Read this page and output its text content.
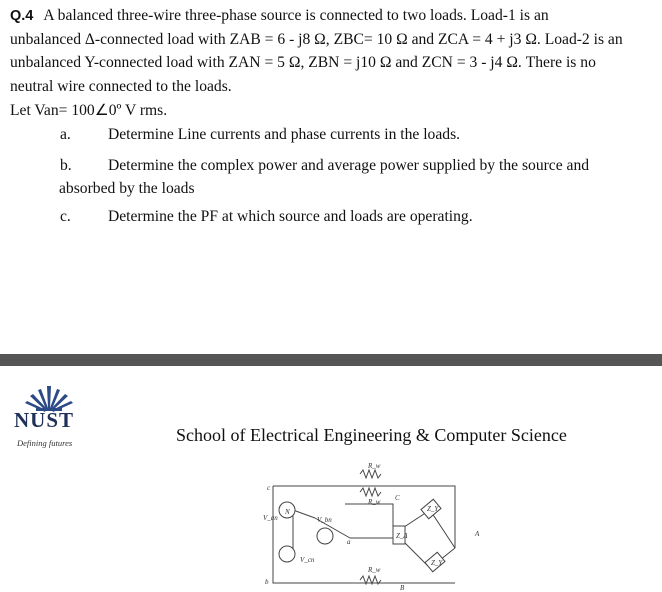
Q.4 A balanced three-wire three-phase source is connected to two loads. Load-1 is an
unbalanced Δ-connected load with ZAB = 6 - j8 Ω, ZBC= 10 Ω and ZCA = 4 + j3 Ω. Load-2 is an
unbalanced Y-connected load with ZAN = 5 Ω, ZBN = j10 Ω and ZCN = 3 - j4 Ω. There is no
neutral wire connected to the loads.
Let Van= 100∠0º V rms.
a. Determine Line currents and phase currents in the loads.
b. Determine the complex power and average power supplied by the source and
absorbed by the loads
c. Determine the PF at which source and loads are operating.
NUST
Defining futures	School of Electrical Engineering & Computer Science
R_w
R_w
R_w
V_an	V_bn
V_cn
Z_Δ
Z_Y
Z_Y
a
b
c
A
B
C
N
